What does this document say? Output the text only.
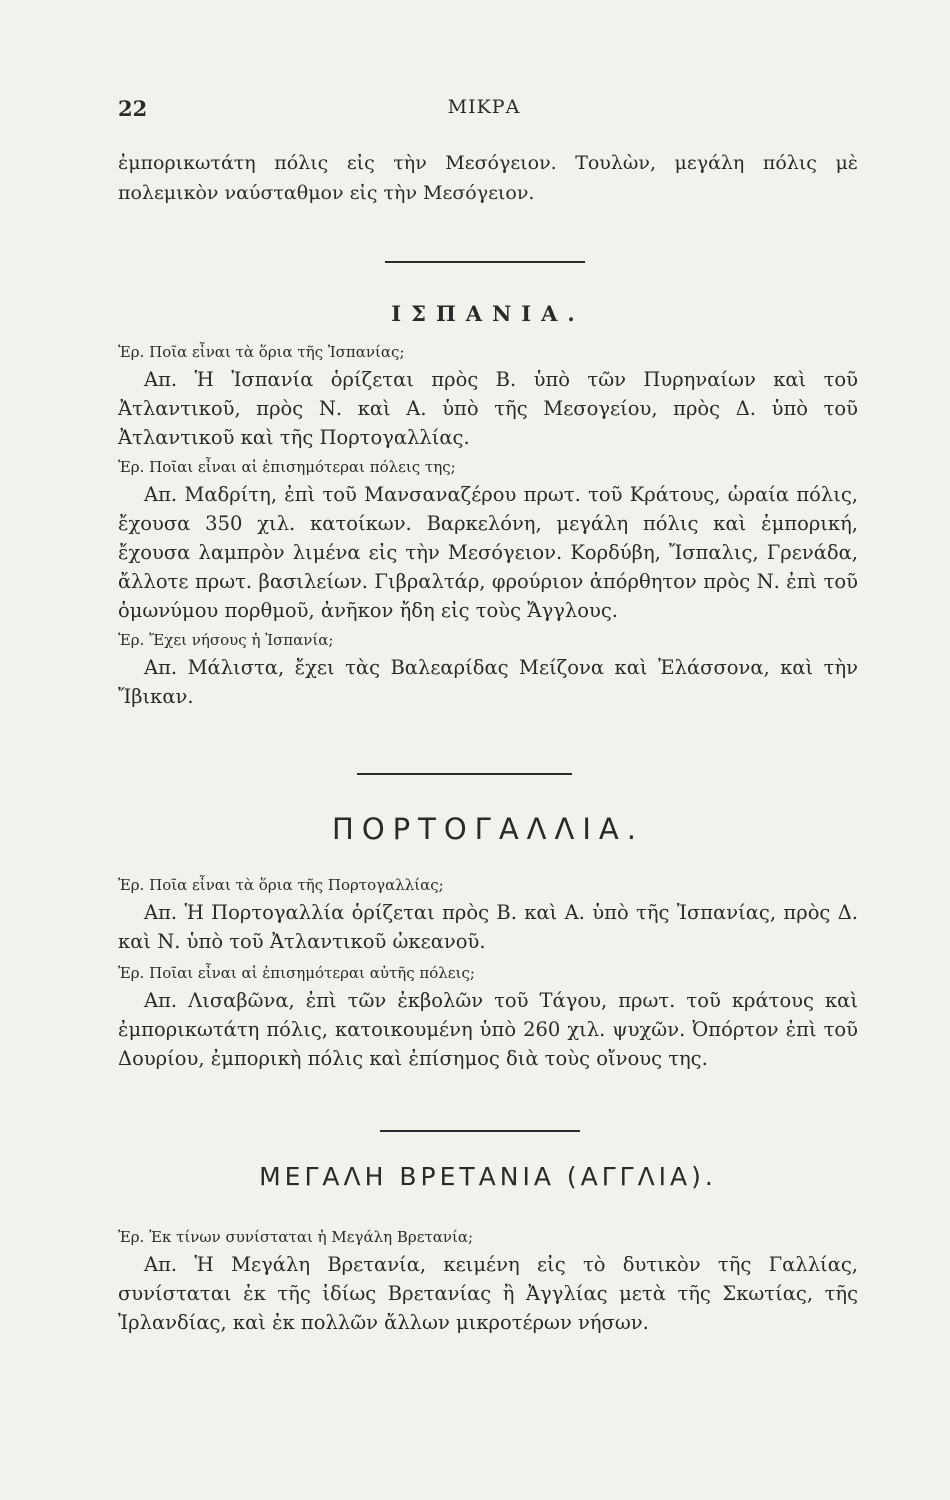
22	ΜΙΚΡΑ

ἐμπορικωτάτη πόλις εἰς τὴν Μεσόγειον. Τουλὼν, μεγάλη πόλις μὲ πολεμικὸν ναύσταθμον εἰς τὴν Μεσόγειον.

ΙΣΠΑΝΙΑ.

Ἐρ. Ποῖα εἶναι τὰ ὅρια τῆς Ἰσπανίας;

Απ. Ἡ Ἰσπανία ὁρίζεται πρὸς Β. ὑπὸ τῶν Πυρηναίων καὶ τοῦ Ἀτλαντικοῦ, πρὸς Ν. καὶ Α. ὑπὸ τῆς Μεσογείου, πρὸς Δ. ὑπὸ τοῦ Ἀτλαντικοῦ καὶ τῆς Πορτογαλλίας.

Ἐρ. Ποῖαι εἶναι αἱ ἐπισημότεραι πόλεις της;

Απ. Μαδρίτη, ἐπὶ τοῦ Μανσαναζέρου πρωτ. τοῦ Κράτους, ὡραία πόλις, ἔχουσα 350 χιλ. κατοίκων. Βαρκελόνη, μεγάλη πόλις καὶ ἐμπορική, ἔχουσα λαμπρὸν λιμένα εἰς τὴν Μεσόγειον. Κορδύβη, Ἴσπαλις, Γρενάδα, ἄλλοτε πρωτ. βασιλείων. Γιβραλτάρ, φρούριον ἀπόρθητον πρὸς Ν. ἐπὶ τοῦ ὁμωνύμου πορθμοῦ, ἀνῆκον ἤδη εἰς τοὺς Ἄγγλους.

Ἐρ. Ἔχει νήσους ἡ Ἰσπανία;

Απ. Μάλιστα, ἔχει τὰς Βαλεαρίδας Μείζονα καὶ Ἐλάσσονα, καὶ τὴν Ἴβικαν.

ΠΟΡΤΟΓΑΛΛΙΑ.

Ἐρ. Ποῖα εἶναι τὰ ὅρια τῆς Πορτογαλλίας;

Απ. Ἡ Πορτογαλλία ὁρίζεται πρὸς Β. καὶ Α. ὑπὸ τῆς Ἰσπανίας, πρὸς Δ. καὶ Ν. ὑπὸ τοῦ Ἀτλαντικοῦ ὠκεανοῦ.

Ἐρ. Ποῖαι εἶναι αἱ ἐπισημότεραι αὐτῆς πόλεις;

Απ. Λισαβῶνα, ἐπὶ τῶν ἐκβολῶν τοῦ Τάγου, πρωτ. τοῦ κράτους καὶ ἐμπορικωτάτη πόλις, κατοικουμένη ὑπὸ 260 χιλ. ψυχῶν. Ὀπόρτον ἐπὶ τοῦ Δουρίου, ἐμπορικὴ πόλις καὶ ἐπίσημος διὰ τοὺς οἴνους της.

ΜΕΓΑΛΗ ΒΡΕΤΑΝΙΑ (ΑΓΓΛΙΑ).

Ἐρ. Ἐκ τίνων συνίσταται ἡ Μεγάλη Βρετανία;

Απ. Ἡ Μεγάλη Βρετανία, κειμένη εἰς τὸ δυτικὸν τῆς Γαλλίας, συνίσταται ἐκ τῆς ἰδίως Βρετανίας ἢ Ἀγγλίας μετὰ τῆς Σκωτίας, τῆς Ἰρλανδίας, καὶ ἐκ πολλῶν ἄλλων μικροτέρων νήσων.
